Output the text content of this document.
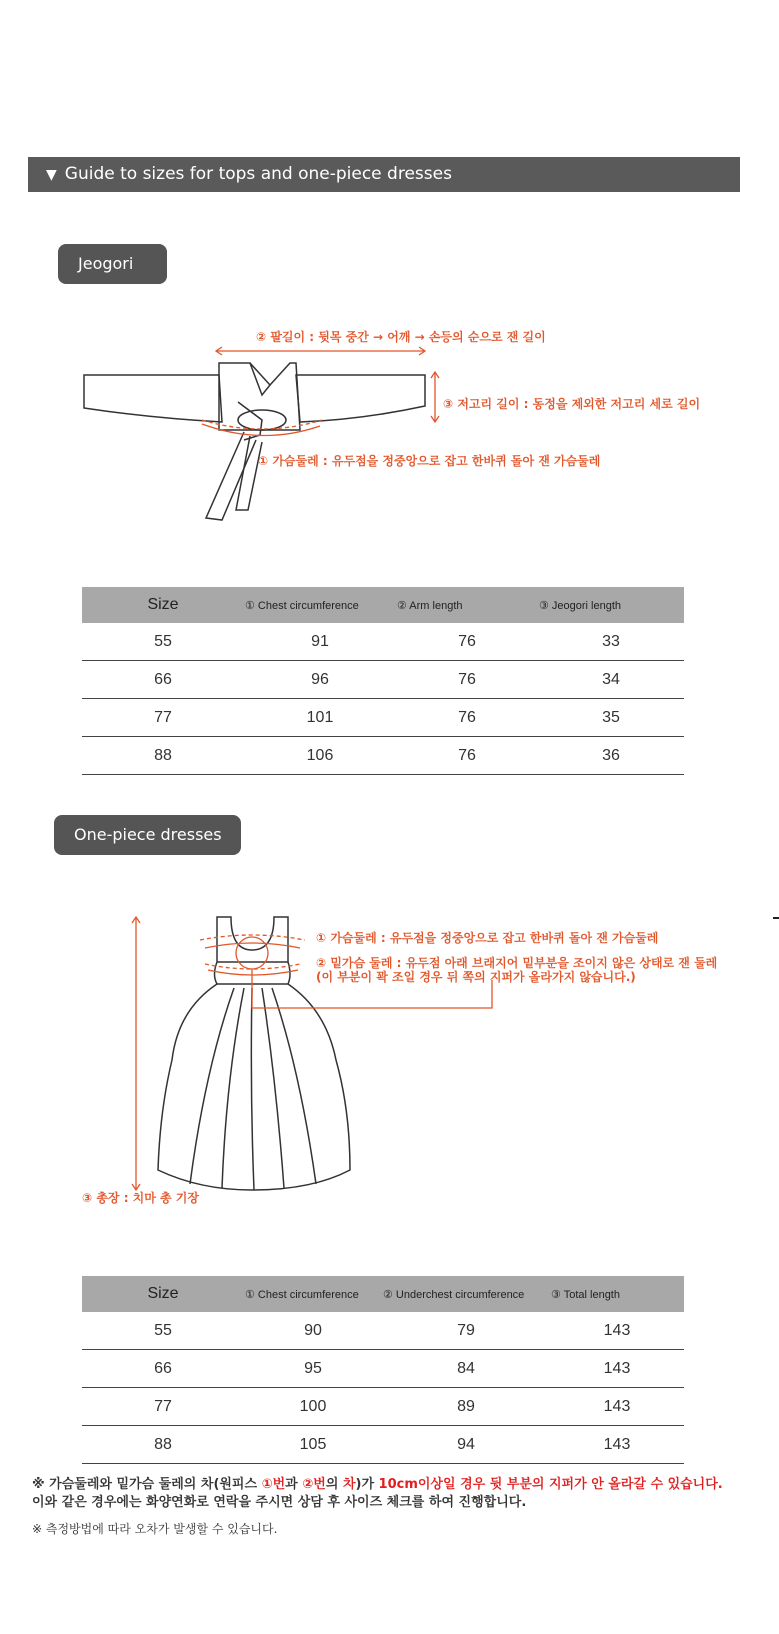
▼ Guide to sizes for tops and one-piece dresses
Jeogori
② 팔길이 : 뒷목 중간 → 어깨 → 손등의 순으로 잰 길이
③ 저고리 길이 : 동정을 제외한 저고리 세로 길이
① 가슴둘레 : 유두점을 정중앙으로 잡고 한바퀴 돌아 잰 가슴둘레
Size	① Chest circumference	② Arm length	③ Jeogori length
55	91	76	33
66	96	76	34
77	101	76	35
88	106	76	36
One-piece dresses
① 가슴둘레 : 유두점을 정중앙으로 잡고 한바퀴 돌아 잰 가슴둘레
② 밑가슴 둘레 : 유두점 아래 브래지어 밑부분을 조이지 않은 상태로 잰 둘레
(이 부분이 꽉 조일 경우 뒤 쪽의 지퍼가 올라가지 않습니다.)
③ 총장 : 치마 총 기장
Size	① Chest circumference	② Underchest circumference	③ Total length
55	90	79	143
66	95	84	143
77	100	89	143
88	105	94	143
※ 가슴둘레와 밑가슴 둘레의 차(원피스 ①번과 ②번의 차)가 10cm이상일 경우 뒷 부분의 지퍼가 안 올라갈 수 있습니다.
이와 같은 경우에는 화양연화로 연락을 주시면 상담 후 사이즈 체크를 하여 진행합니다.
※ 측정방법에 따라 오차가 발생할 수 있습니다.
